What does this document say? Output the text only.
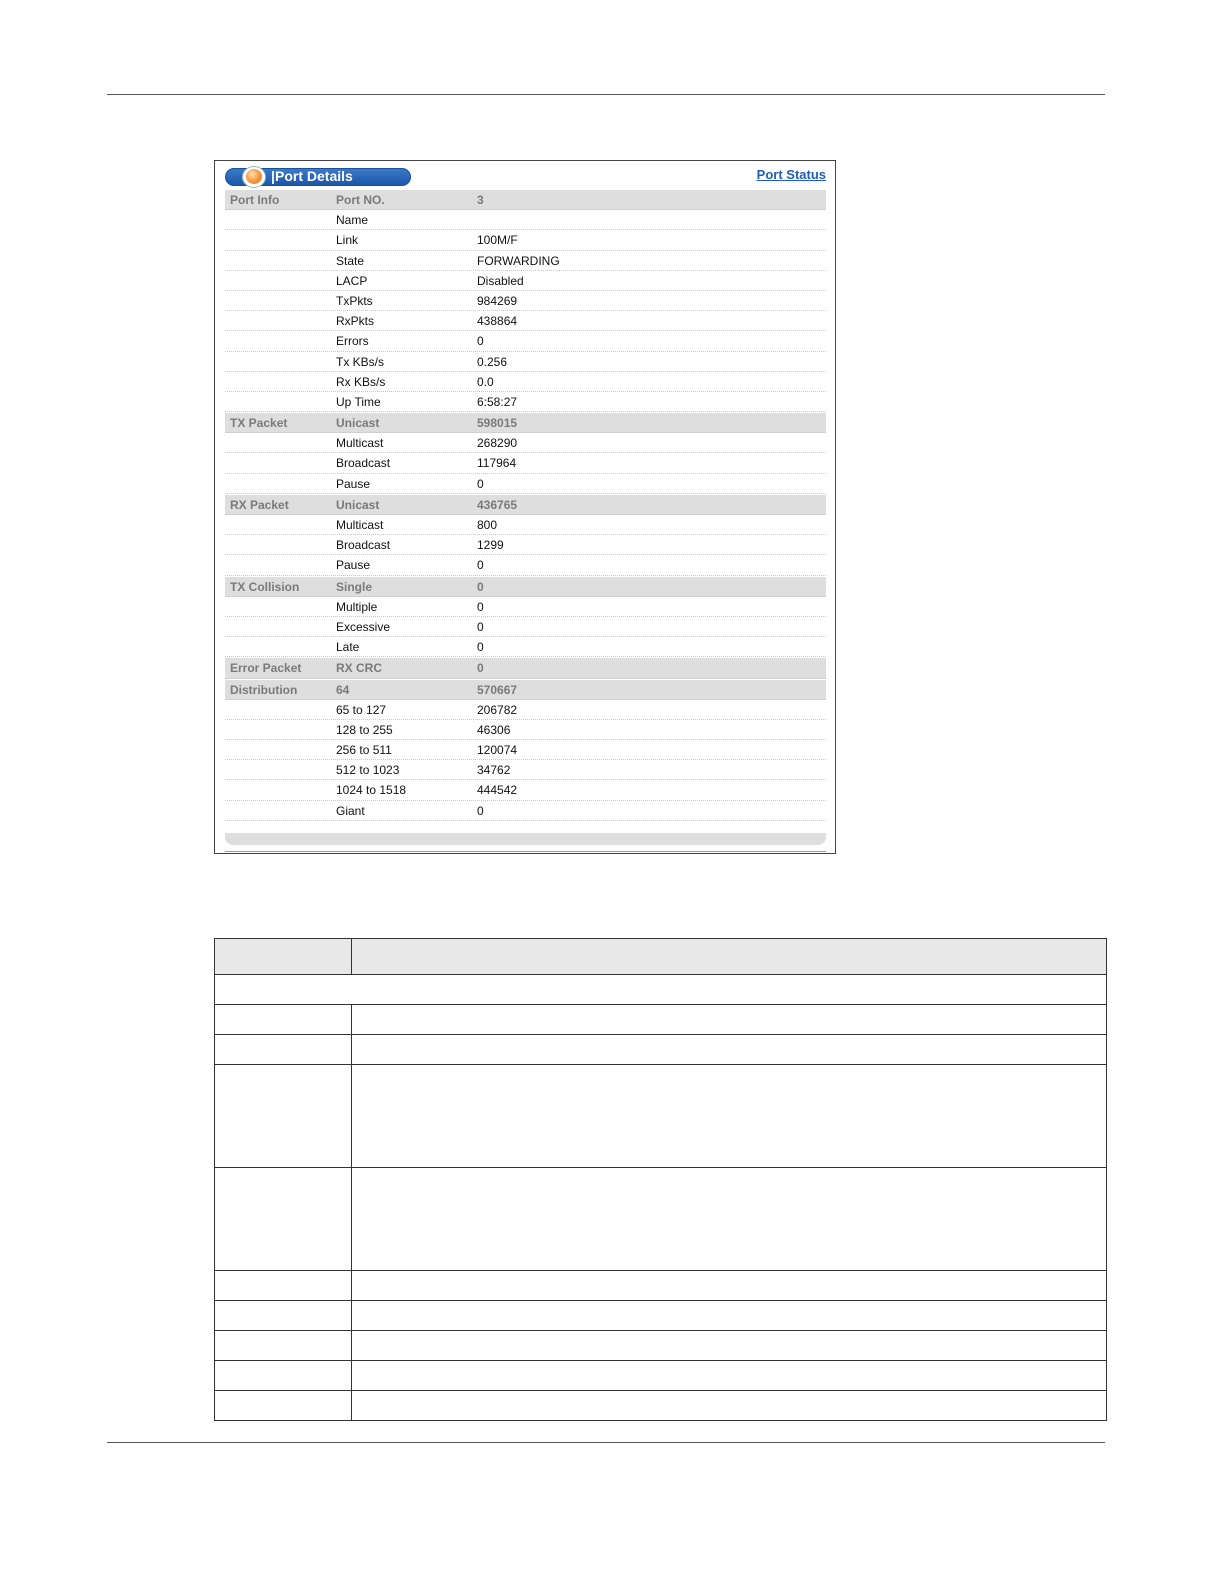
Port Details	Port Status
Port Info	Port NO.	3
Name
Link	100M/F
State	FORWARDING
LACP	Disabled
TxPkts	984269
RxPkts	438864
Errors	0
Tx KBs/s	0.256
Rx KBs/s	0.0
Up Time	6:58:27
TX Packet	Unicast	598015
Multicast	268290
Broadcast	117964
Pause	0
RX Packet	Unicast	436765
Multicast	800
Broadcast	1299
Pause	0
TX Collision	Single	0
Multiple	0
Excessive	0
Late	0
Error Packet	RX CRC	0
Distribution	64	570667
65 to 127	206782
128 to 255	46306
256 to 511	120074
512 to 1023	34762
1024 to 1518	444542
Giant	0
